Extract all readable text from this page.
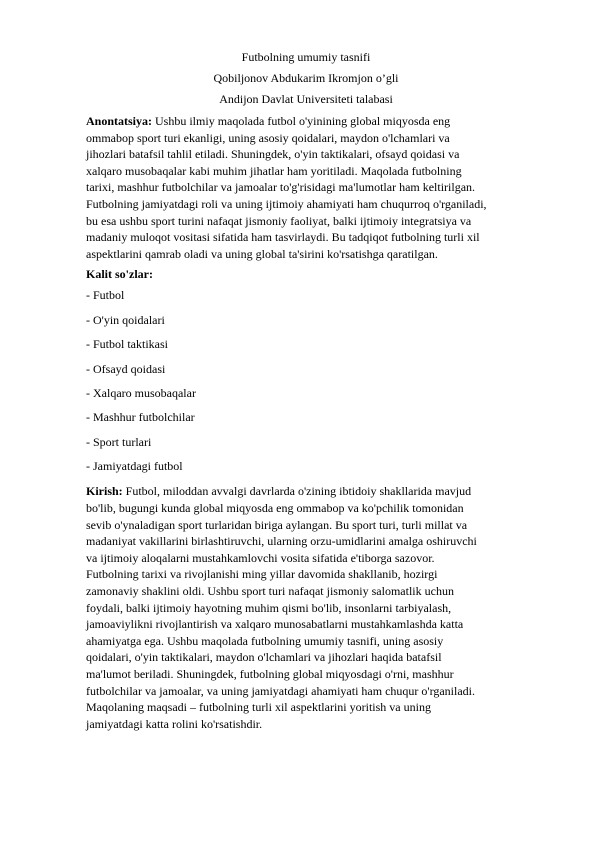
Futbolning umumiy tasnifi

Qobiljonov Abdukarim Ikromjon o’gli

Andijon Davlat Universiteti talabasi

Anontatsiya: Ushbu ilmiy maqolada futbol o'yinining global miqyosda eng
ommabop sport turi ekanligi, uning asosiy qoidalari, maydon o'lchamlari va
jihozlari batafsil tahlil etiladi. Shuningdek, o'yin taktikalari, ofsayd qoidasi va
xalqaro musobaqalar kabi muhim jihatlar ham yoritiladi. Maqolada futbolning
tarixi, mashhur futbolchilar va jamoalar to'g'risidagi ma'lumotlar ham keltirilgan.
Futbolning jamiyatdagi roli va uning ijtimoiy ahamiyati ham chuqurroq o'rganiladi,
bu esa ushbu sport turini nafaqat jismoniy faoliyat, balki ijtimoiy integratsiya va
madaniy muloqot vositasi sifatida ham tasvirlaydi. Bu tadqiqot futbolning turli xil
aspektlarini qamrab oladi va uning global ta'sirini ko'rsatishga qaratilgan.

Kalit so'zlar:

- Futbol
- O'yin qoidalari
- Futbol taktikasi
- Ofsayd qoidasi
- Xalqaro musobaqalar
- Mashhur futbolchilar
- Sport turlari
- Jamiyatdagi futbol

Kirish: Futbol, miloddan avvalgi davrlarda o'zining ibtidoiy shakllarida mavjud
bo'lib, bugungi kunda global miqyosda eng ommabop va ko'pchilik tomonidan
sevib o'ynaladigan sport turlaridan biriga aylangan. Bu sport turi, turli millat va
madaniyat vakillarini birlashtiruvchi, ularning orzu-umidlarini amalga oshiruvchi
va ijtimoiy aloqalarni mustahkamlovchi vosita sifatida e'tiborga sazovor.
Futbolning tarixi va rivojlanishi ming yillar davomida shakllanib, hozirgi
zamonaviy shaklini oldi. Ushbu sport turi nafaqat jismoniy salomatlik uchun
foydali, balki ijtimoiy hayotning muhim qismi bo'lib, insonlarni tarbiyalash,
jamoaviylikni rivojlantirish va xalqaro munosabatlarni mustahkamlashda katta
ahamiyatga ega. Ushbu maqolada futbolning umumiy tasnifi, uning asosiy
qoidalari, o'yin taktikalari, maydon o'lchamlari va jihozlari haqida batafsil
ma'lumot beriladi. Shuningdek, futbolning global miqyosdagi o'rni, mashhur
futbolchilar va jamoalar, va uning jamiyatdagi ahamiyati ham chuqur o'rganiladi.
Maqolaning maqsadi – futbolning turli xil aspektlarini yoritish va uning
jamiyatdagi katta rolini ko'rsatishdir.
